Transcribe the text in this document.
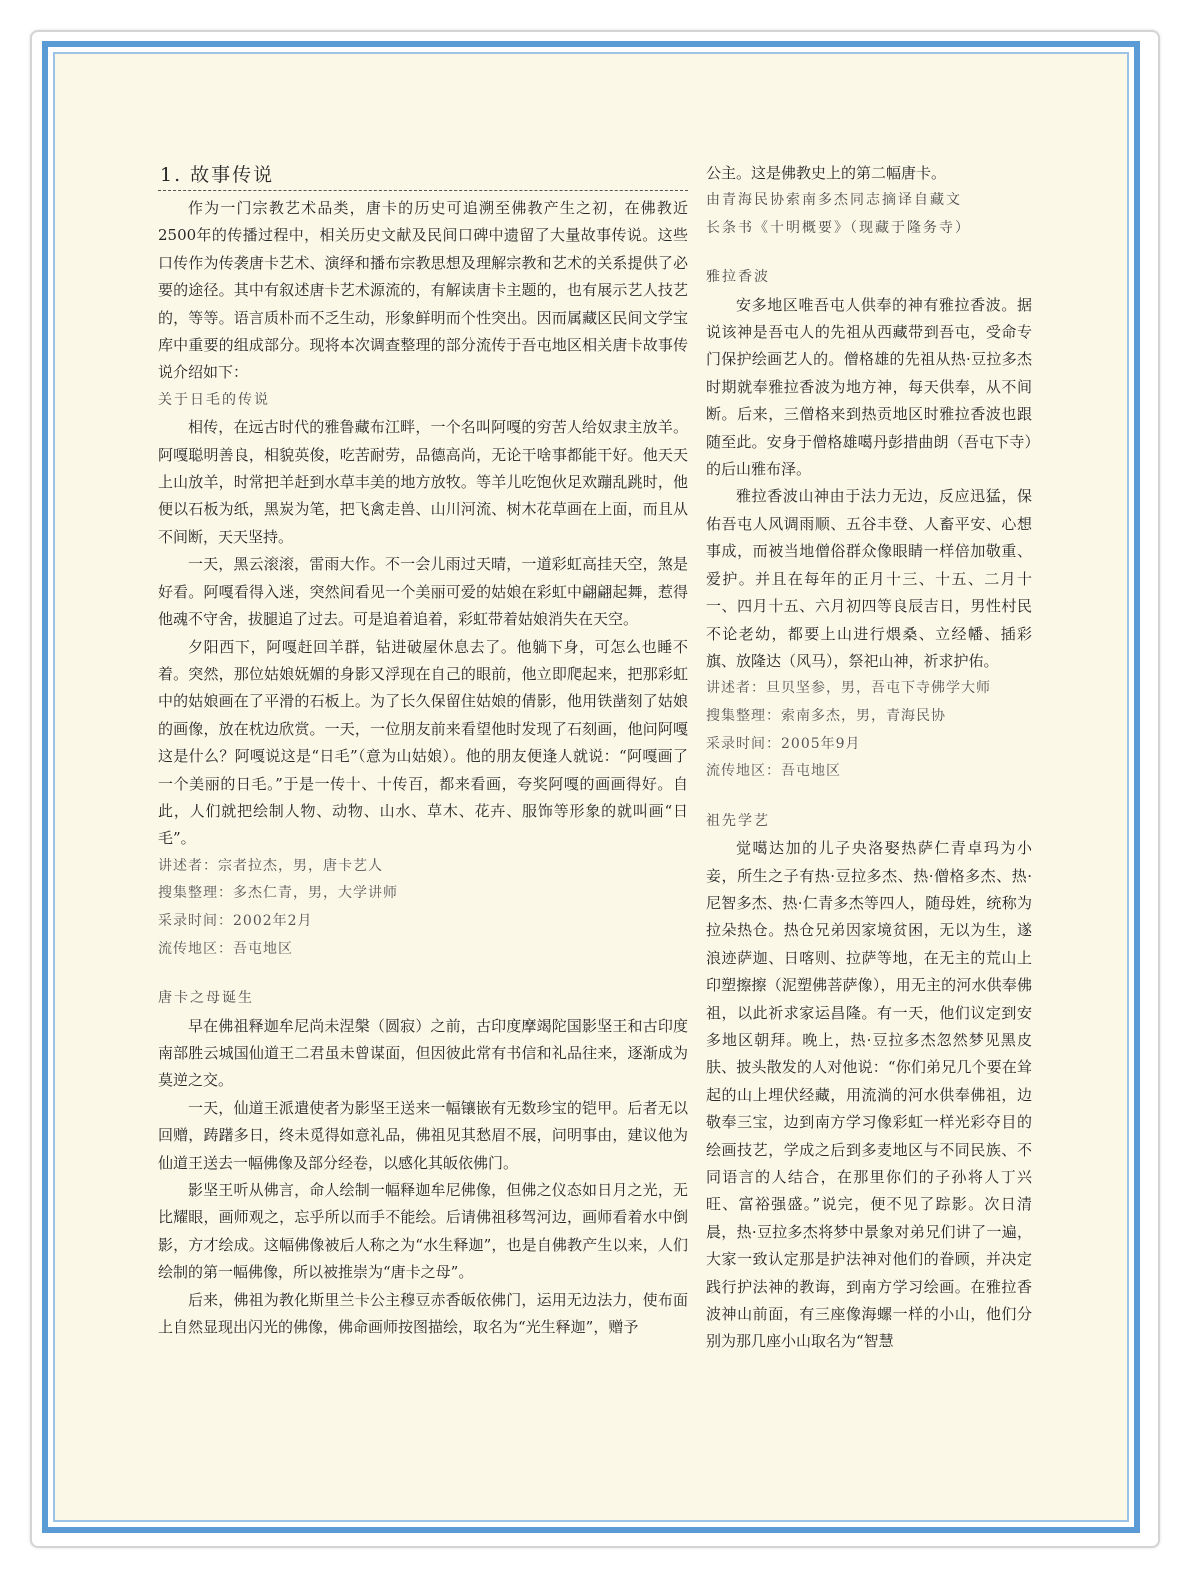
1. 故事传说

作为一门宗教艺术品类，唐卡的历史可追溯至佛教产生之初，在佛教近2500年的传播过程中，相关历史文献及民间口碑中遗留了大量故事传说。这些口传作为传袭唐卡艺术、演绎和播布宗教思想及理解宗教和艺术的关系提供了必要的途径。其中有叙述唐卡艺术源流的，有解读唐卡主题的，也有展示艺人技艺的，等等。语言质朴而不乏生动，形象鲜明而个性突出。因而属藏区民间文学宝库中重要的组成部分。现将本次调查整理的部分流传于吾屯地区相关唐卡故事传说介绍如下：

关于日毛的传说

相传，在远古时代的雅鲁藏布江畔，一个名叫阿嘎的穷苦人给奴隶主放羊。阿嘎聪明善良，相貌英俊，吃苦耐劳，品德高尚，无论干啥事都能干好。他天天上山放羊，时常把羊赶到水草丰美的地方放牧。等羊儿吃饱伙足欢蹦乱跳时，他便以石板为纸，黑炭为笔，把飞禽走兽、山川河流、树木花草画在上面，而且从不间断，天天坚持。

一天，黑云滚滚，雷雨大作。不一会儿雨过天晴，一道彩虹高挂天空，煞是好看。阿嘎看得入迷，突然间看见一个美丽可爱的姑娘在彩虹中翩翩起舞，惹得他魂不守舍，拔腿追了过去。可是追着追着，彩虹带着姑娘消失在天空。

夕阳西下，阿嘎赶回羊群，钻进破屋休息去了。他躺下身，可怎么也睡不着。突然，那位姑娘妩媚的身影又浮现在自己的眼前，他立即爬起来，把那彩虹中的姑娘画在了平滑的石板上。为了长久保留住姑娘的倩影，他用铁凿刻了姑娘的画像，放在枕边欣赏。一天，一位朋友前来看望他时发现了石刻画，他问阿嘎这是什么？阿嘎说这是“日毛”（意为山姑娘）。他的朋友便逢人就说：“阿嘎画了一个美丽的日毛。”于是一传十、十传百，都来看画，夸奖阿嘎的画画得好。自此，人们就把绘制人物、动物、山水、草木、花卉、服饰等形象的就叫画“日毛”。

讲述者：宗者拉杰，男，唐卡艺人

搜集整理：多杰仁青，男，大学讲师

采录时间：2002年2月

流传地区：吾屯地区

唐卡之母诞生

早在佛祖释迦牟尼尚未涅槃（圆寂）之前，古印度摩竭陀国影坚王和古印度南部胜云城国仙道王二君虽未曾谋面，但因彼此常有书信和礼品往来，逐渐成为莫逆之交。

一天，仙道王派遣使者为影坚王送来一幅镶嵌有无数珍宝的铠甲。后者无以回赠，踌躇多日，终未觅得如意礼品，佛祖见其愁眉不展，问明事由，建议他为仙道王送去一幅佛像及部分经卷，以感化其皈依佛门。

影坚王听从佛言，命人绘制一幅释迦牟尼佛像，但佛之仪态如日月之光，无比耀眼，画师观之，忘乎所以而手不能绘。后请佛祖移驾河边，画师看着水中倒影，方才绘成。这幅佛像被后人称之为“水生释迦”，也是自佛教产生以来，人们绘制的第一幅佛像，所以被推崇为“唐卡之母”。

后来，佛祖为教化斯里兰卡公主穆豆赤香皈依佛门，运用无边法力，使布面上自然显现出闪光的佛像，佛命画师按图描绘，取名为“光生释迦”，赠予

公主。这是佛教史上的第二幅唐卡。

由青海民协索南多杰同志摘译自藏文

长条书《十明概要》（现藏于隆务寺）

雅拉香波

安多地区唯吾屯人供奉的神有雅拉香波。据说该神是吾屯人的先祖从西藏带到吾屯，受命专门保护绘画艺人的。僧格雄的先祖从热·豆拉多杰时期就奉雅拉香波为地方神，每天供奉，从不间断。后来，三僧格来到热贡地区时雅拉香波也跟随至此。安身于僧格雄噶丹彭措曲朗（吾屯下寺）的后山雅布泽。

雅拉香波山神由于法力无边，反应迅猛，保佑吾屯人风调雨顺、五谷丰登、人畜平安、心想事成，而被当地僧俗群众像眼睛一样倍加敬重、爱护。并且在每年的正月十三、十五、二月十一、四月十五、六月初四等良辰吉日，男性村民不论老幼，都要上山进行煨桑、立经幡、插彩旗、放隆达（风马），祭祀山神，祈求护佑。

讲述者：旦贝坚参，男，吾屯下寺佛学大师

搜集整理：索南多杰，男，青海民协

采录时间：2005年9月

流传地区：吾屯地区

祖先学艺

觉噶达加的儿子央洛娶热萨仁青卓玛为小妾，所生之子有热·豆拉多杰、热·僧格多杰、热·尼智多杰、热·仁青多杰等四人，随母姓，统称为拉朵热仓。热仓兄弟因家境贫困，无以为生，遂浪迹萨迦、日喀则、拉萨等地，在无主的荒山上印塑擦擦（泥塑佛菩萨像），用无主的河水供奉佛祖，以此祈求家运昌隆。有一天，他们议定到安多地区朝拜。晚上，热·豆拉多杰忽然梦见黑皮肤、披头散发的人对他说：“你们弟兄几个要在耸起的山上埋伏经藏，用流淌的河水供奉佛祖，边敬奉三宝，边到南方学习像彩虹一样光彩夺目的绘画技艺，学成之后到多麦地区与不同民族、不同语言的人结合，在那里你们的子孙将人丁兴旺、富裕强盛。”说完，便不见了踪影。次日清晨，热·豆拉多杰将梦中景象对弟兄们讲了一遍，大家一致认定那是护法神对他们的眷顾，并决定践行护法神的教诲，到南方学习绘画。在雅拉香波神山前面，有三座像海螺一样的小山，他们分别为那几座小山取名为“智慧
